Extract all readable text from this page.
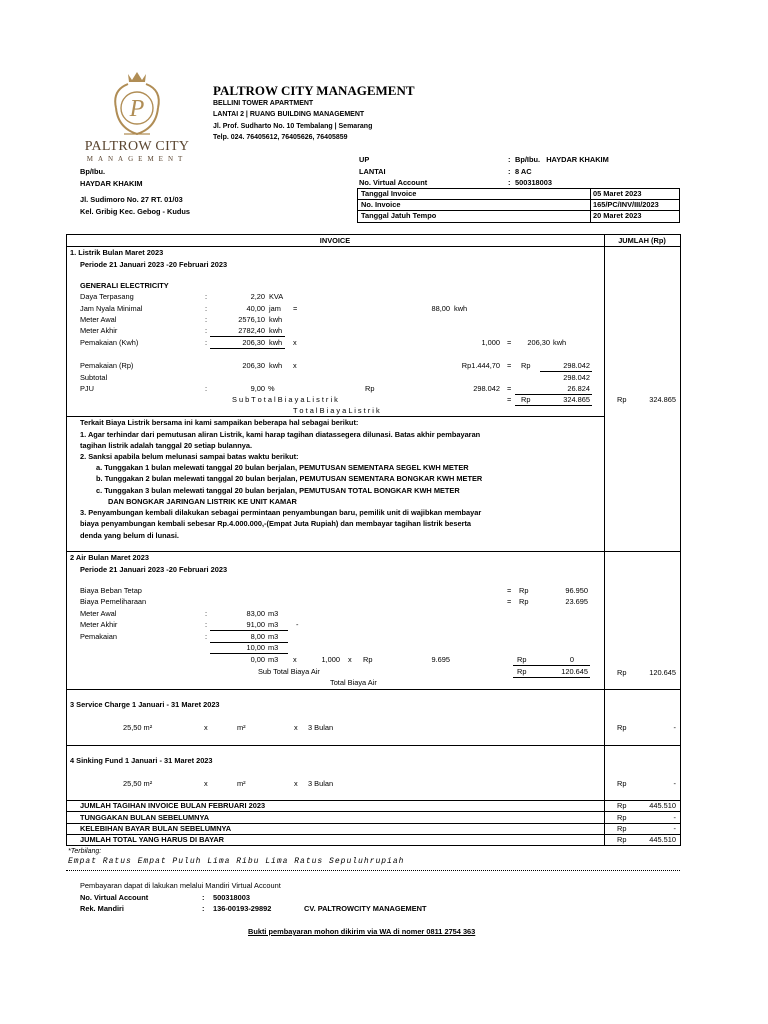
P
PALTROW CITY
MANAGEMENT
PALTROW CITY MANAGEMENT
BELLINI TOWER APARTMENT
LANTAI 2 | RUANG BUILDING MANAGEMENT
Jl. Prof. Sudharto No. 10 Tembalang | Semarang
Telp. 024. 76405612, 76405626, 76405859
Bp/Ibu.
HAYDAR KHAKIM
Jl. Sudimoro No. 27 RT. 01/03
Kel. Gribig Kec. Gebog - Kudus
UP	: Bp/Ibu.   HAYDAR KHAKIM
LANTAI	: 8 AC
No. Virtual Account	: 500318003
Tanggal Invoice	05 Maret 2023
No. Invoice	165/PC/INV/III/2023
Tanggal Jatuh Tempo	20 Maret 2023
INVOICE	JUMLAH (Rp)
1. Listrik Bulan Maret 2023
Periode 21 Januari 2023 -20 Februari 2023
GENERALI ELECTRICITY
Daya Terpasang	:	2,20 KVA
Jam Nyala Minimal	:	40,00 jam =	88,00 kwh
Meter Awal	:	2576,10 kwh
Meter Akhir	:	2782,40 kwh
Pemakaian (Kwh)	:	206,30 kwh x	1,000 =	206,30 kwh
Pemakaian (Rp)	206,30 kwh x	Rp1.444,70 = Rp	298.042
Subtotal	298.042
PJU	:	9,00 %	Rp	298.042 =	26.824
S u b T o t a l B i a y a L i s t r i k	= Rp	324.865
T o t a l B i a y a L i s t r i k
Rp	324.865
Terkait Biaya Listrik bersama ini kami sampaikan beberapa hal sebagai berikut:
1. Agar terhindar dari pemutusan aliran Listrik, kami harap tagihan diatassegera dilunasi. Batas akhir pembayaran
tagihan listrik adalah tanggal 20 setiap bulannya.
2. Sanksi apabila belum melunasi sampai batas waktu berikut:
a. Tunggakan 1 bulan melewati tanggal 20 bulan berjalan, PEMUTUSAN SEMENTARA SEGEL KWH METER
b. Tunggakan 2 bulan melewati tanggal 20 bulan berjalan, PEMUTUSAN SEMENTARA BONGKAR KWH METER
c. Tunggakan 3 bulan melewati tanggal 20 bulan berjalan, PEMUTUSAN TOTAL BONGKAR KWH METER
DAN BONGKAR JARINGAN LISTRIK KE UNIT KAMAR
3. Penyambungan kembali dilakukan sebagai permintaan penyambungan baru, pemilik unit di wajibkan membayar
biaya penyambungan kembali sebesar Rp.4.000.000,-(Empat Juta Rupiah) dan membayar tagihan listrik beserta
denda yang belum di lunasi.
2 Air Bulan Maret 2023
Periode 21 Januari 2023 -20 Februari 2023
Biaya Beban Tetap	= Rp	96.950
Biaya Pemeliharaan	= Rp	23.695
Meter Awal	:	83,00 m3
Meter Akhir	:	91,00 m3 -
Pemakaian	:	8,00 m3
10,00 m3
0,00 m3 x	1,000 x Rp	9.695	Rp	0
Sub Total Biaya Air	Rp	120.645
Total Biaya Air
Rp	120.645
3 Service Charge 1 Januari - 31 Maret 2023
25,50 m²	x	m²	x 3 Bulan	Rp	-
4 Sinking Fund 1 Januari - 31 Maret 2023
25,50 m²	x	m²	x 3 Bulan	Rp	-
JUMLAH TAGIHAN INVOICE BULAN FEBRUARI 2023	Rp	445.510
TUNGGAKAN BULAN SEBELUMNYA	Rp	-
KELEBIHAN BAYAR BULAN SEBELUMNYA	Rp	-
JUMLAH TOTAL YANG HARUS DI BAYAR	Rp	445.510
*Terbilang:
Empat Ratus Empat Puluh Lima Ribu Lima Ratus Sepuluhrupiah
Pembayaran dapat di lakukan melalui Mandiri Virtual Account
No. Virtual Account	: 500318003
Rek. Mandiri	: 136-00193-29892	CV. PALTROWCITY MANAGEMENT
Bukti pembayaran mohon dikirim via WA di nomer 0811 2754 363
